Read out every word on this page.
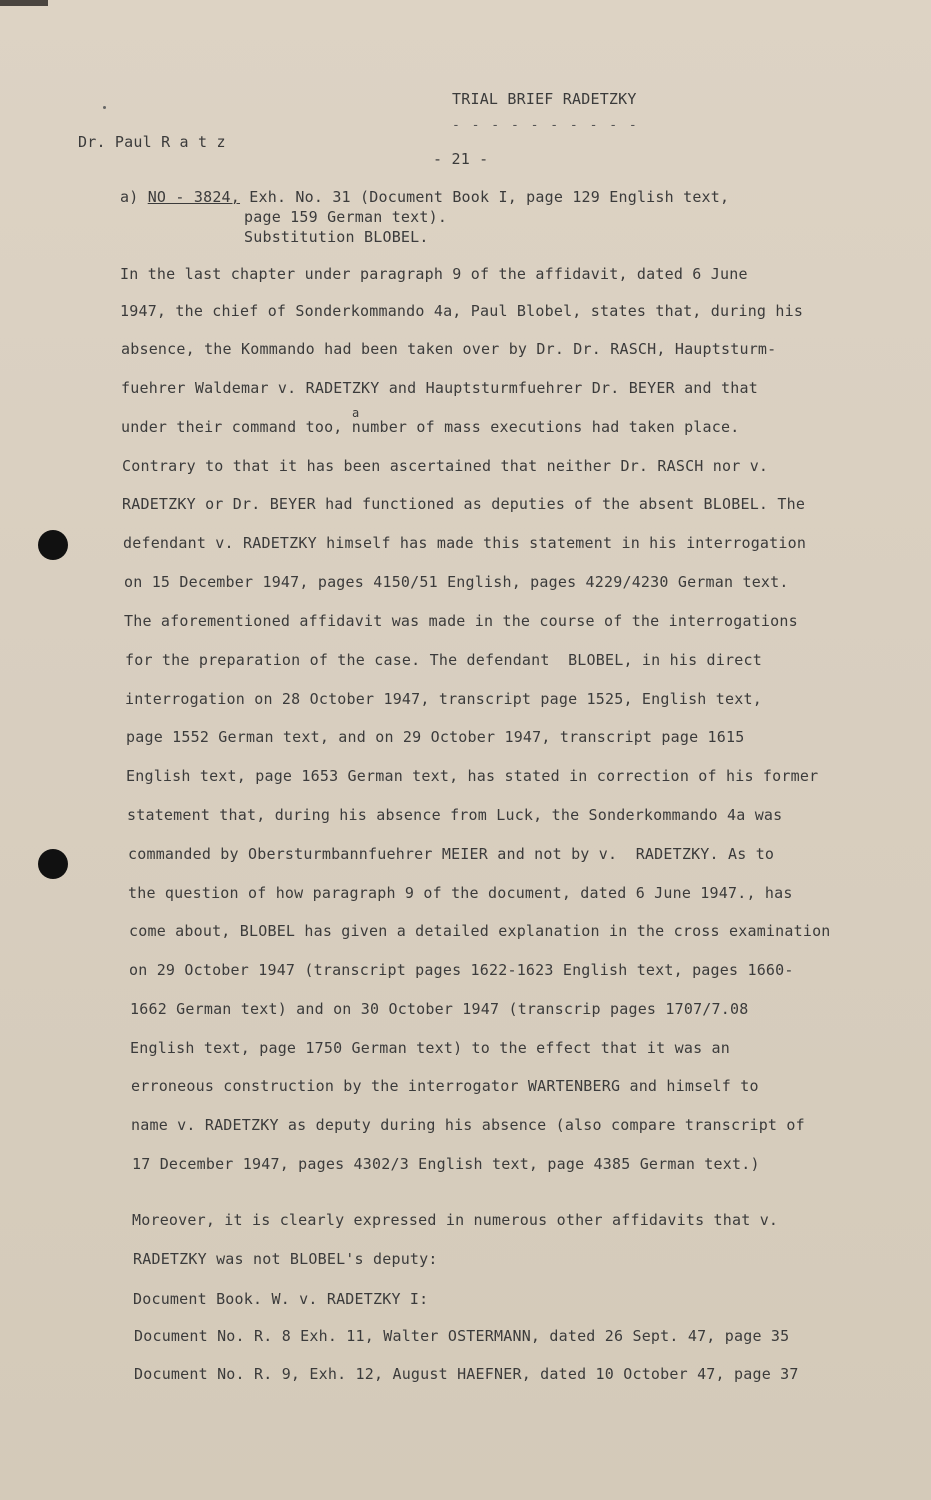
TRIAL BRIEF RADETZKY
- - - - - - - - - -
Dr. Paul R a t z
- 21 -
a) NO - 3824, Exh. No. 31 (Document Book I, page 129 English text,
page 159 German text).
Substitution BLOBEL.
In the last chapter under paragraph 9 of the affidavit, dated 6 June
1947, the chief of Sonderkommando 4a, Paul Blobel, states that, during his
absence, the Kommando had been taken over by Dr. Dr. RASCH, Hauptsturm-
fuehrer Waldemar v. RADETZKY and Hauptsturmfuehrer Dr. BEYER and that
a
under their command too, number of mass executions had taken place.
Contrary to that it has been ascertained that neither Dr. RASCH nor v.
RADETZKY or Dr. BEYER had functioned as deputies of the absent BLOBEL. The
defendant v. RADETZKY himself has made this statement in his interrogation
on 15 December 1947, pages 4150/51 English, pages 4229/4230 German text.
The aforementioned affidavit was made in the course of the interrogations
for the preparation of the case. The defendant  BLOBEL, in his direct
interrogation on 28 October 1947, transcript page 1525, English text,
page 1552 German text, and on 29 October 1947, transcript page 1615
English text, page 1653 German text, has stated in correction of his former
statement that, during his absence from Luck, the Sonderkommando 4a was
commanded by Obersturmbannfuehrer MEIER and not by v.  RADETZKY. As to
the question of how paragraph 9 of the document, dated 6 June 1947., has
come about, BLOBEL has given a detailed explanation in the cross examination
on 29 October 1947 (transcript pages 1622-1623 English text, pages 1660-
1662 German text) and on 30 October 1947 (transcrip pages 1707/7.08
English text, page 1750 German text) to the effect that it was an
erroneous construction by the interrogator WARTENBERG and himself to
name v. RADETZKY as deputy during his absence (also compare transcript of
17 December 1947, pages 4302/3 English text, page 4385 German text.)
Moreover, it is clearly expressed in numerous other affidavits that v.
RADETZKY was not BLOBEL's deputy:
Document Book. W. v. RADETZKY I:
Document No. R. 8 Exh. 11, Walter OSTERMANN, dated 26 Sept. 47, page 35
Document No. R. 9, Exh. 12, August HAEFNER, dated 10 October 47, page 37
